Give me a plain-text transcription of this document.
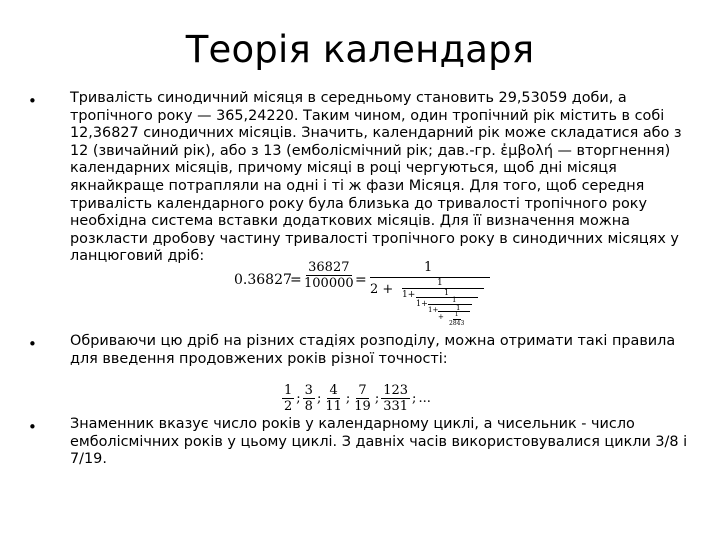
Теорія календаря
• Тривалість синодичний місяця в середньому становить 29,53059 доби, а тропічного року — 365,24220. Таким чином, один тропічний рік містить в собі 12,36827 синодичних місяців. Значить, календарний рік може складатися або з 12 (звичайний рік), або з 13 (емболісмічний рік; дав.-гр. ἐμβολή — вторгнення) календарних місяців, причому місяці в році чергуються, щоб дні місяця якнайкраще потрапляли на одні і ті ж фази Місяця. Для того, щоб середня тривалість календарного року була близька до тривалості тропічного року необхідна система вставки додаткових місяців. Для її визначення можна розкласти дробову частину тривалості тропічного року в синодичних місяцях у ланцюговий дріб:
0.36827
= $\frac{36827}{100000}$ =
1
2 +	1
1+	1
1+	1
1+	1
+ $\frac{1}{2843}$
• Обриваючи цю дріб на різних стадіях розподілу, можна отримати такі правила для введення продовжених років різної точності:
$\frac{1}{2}$ ; $\frac{3}{8}$ ; $\frac{4}{11}$ ; $\frac{7}{19}$ ; $\frac{123}{331}$ ; ...
• Знаменник вказує число років у календарному циклі, а чисельник - число емболісмічних років у цьому циклі. З давніх часів використовувалися цикли 3/8 і 7/19.
